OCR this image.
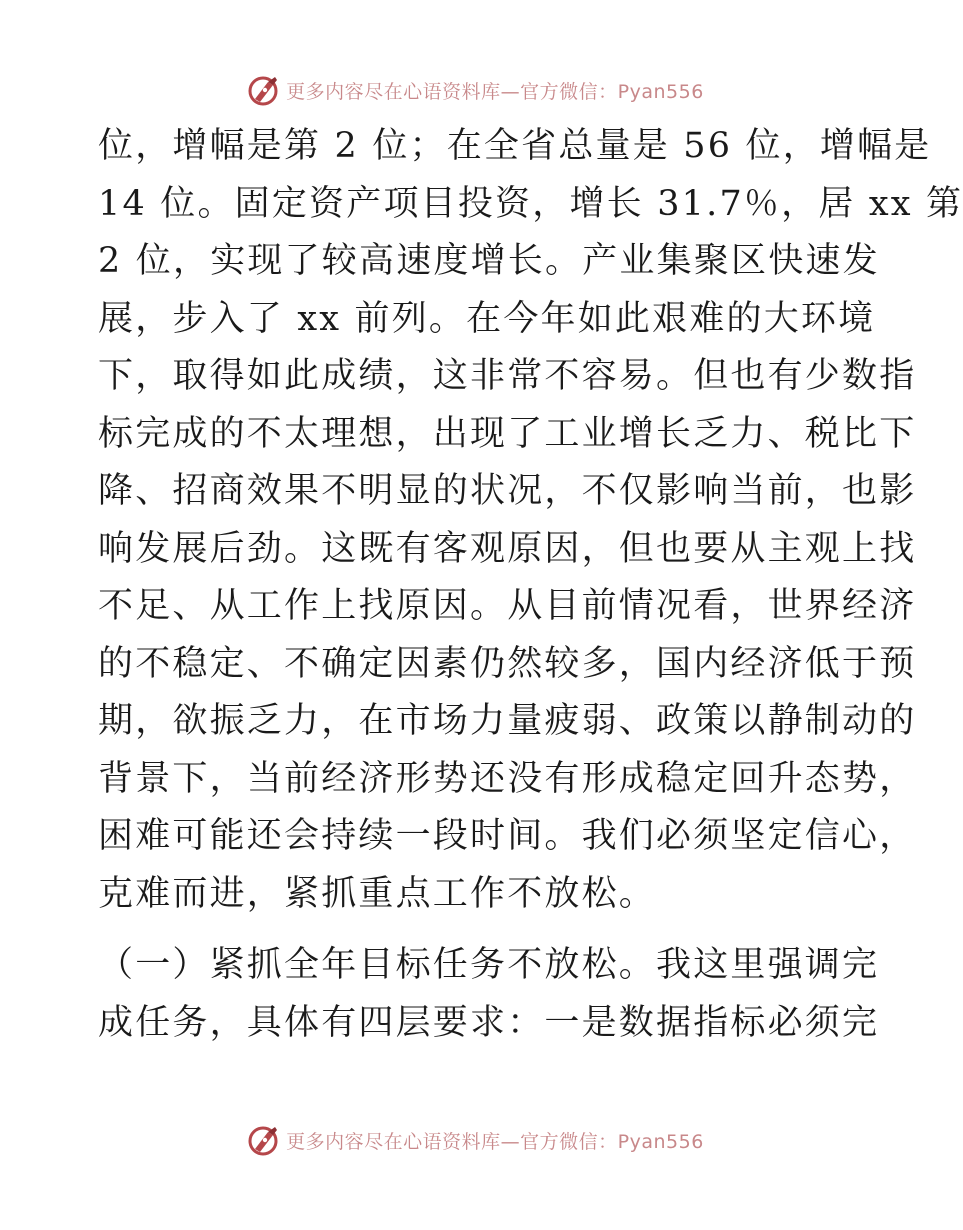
更多内容尽在心语资料库—官方微信：Pyan556
位，增幅是第 2 位；在全省总量是 56 位，增幅是
14 位。固定资产项目投资，增长 31.7％，居 xx 第
2 位，实现了较高速度增长。产业集聚区快速发
展，步入了 xx 前列。在今年如此艰难的大环境
下，取得如此成绩，这非常不容易。但也有少数指
标完成的不太理想，出现了工业增长乏力、税比下
降、招商效果不明显的状况，不仅影响当前，也影
响发展后劲。这既有客观原因，但也要从主观上找
不足、从工作上找原因。从目前情况看，世界经济
的不稳定、不确定因素仍然较多，国内经济低于预
期，欲振乏力，在市场力量疲弱、政策以静制动的
背景下，当前经济形势还没有形成稳定回升态势，
困难可能还会持续一段时间。我们必须坚定信心，
克难而进，紧抓重点工作不放松。
（一）紧抓全年目标任务不放松。我这里强调完
成任务，具体有四层要求：一是数据指标必须完
更多内容尽在心语资料库—官方微信：Pyan556
